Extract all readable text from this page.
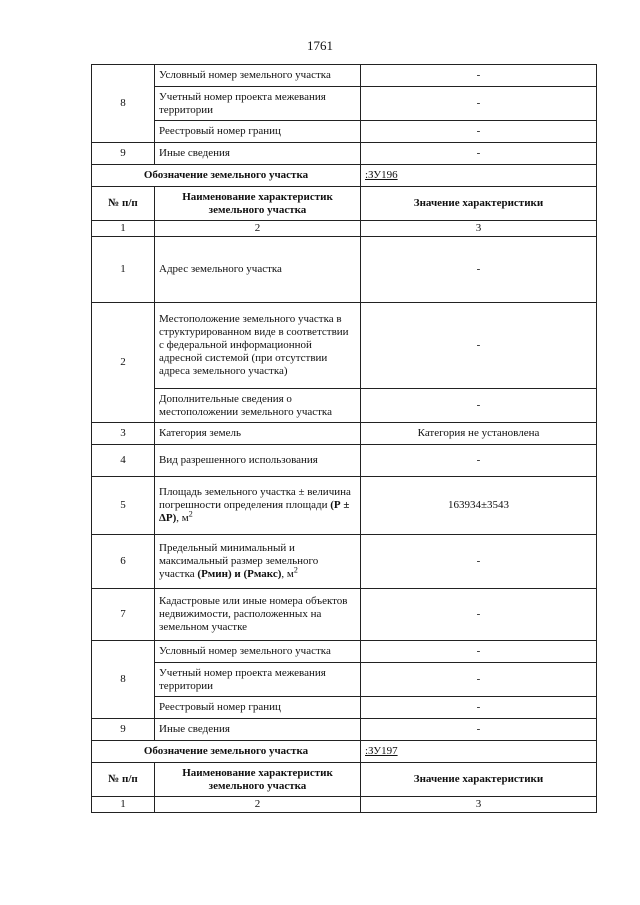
1761
8	Условный номер земельного участка	-
	Учетный номер проекта межевания территории	-
	Реестровый номер границ	-
9	Иные сведения	-
Обозначение земельного участка		:ЗУ196
№ п/п	Наименование характеристик земельного участка	Значение характеристики
1	2	3
1	Адрес земельного участка	-
2	Местоположение земельного участка в структурированном виде в соответствии с федеральной информационной адресной системой (при отсутствии адреса земельного участка)	-
	Дополнительные сведения о местоположении земельного участка	-
3	Категория земель	Категория не установлена
4	Вид разрешенного использования	-
5	Площадь земельного участка ± величина погрешности определения площади (Р ± ΔР), $м^2$	163934±3543
6	Предельный минимальный и максимальный размер земельного участка (Рмин) и (Рмакс), $м^2$	-
7	Кадастровые или иные номера объектов недвижимости, расположенных на земельном участке	-
8	Условный номер земельного участка	-
	Учетный номер проекта межевания территории	-
	Реестровый номер границ	-
9	Иные сведения	-
Обозначение земельного участка		:ЗУ197
№ п/п	Наименование характеристик земельного участка	Значение характеристики
1	2	3
